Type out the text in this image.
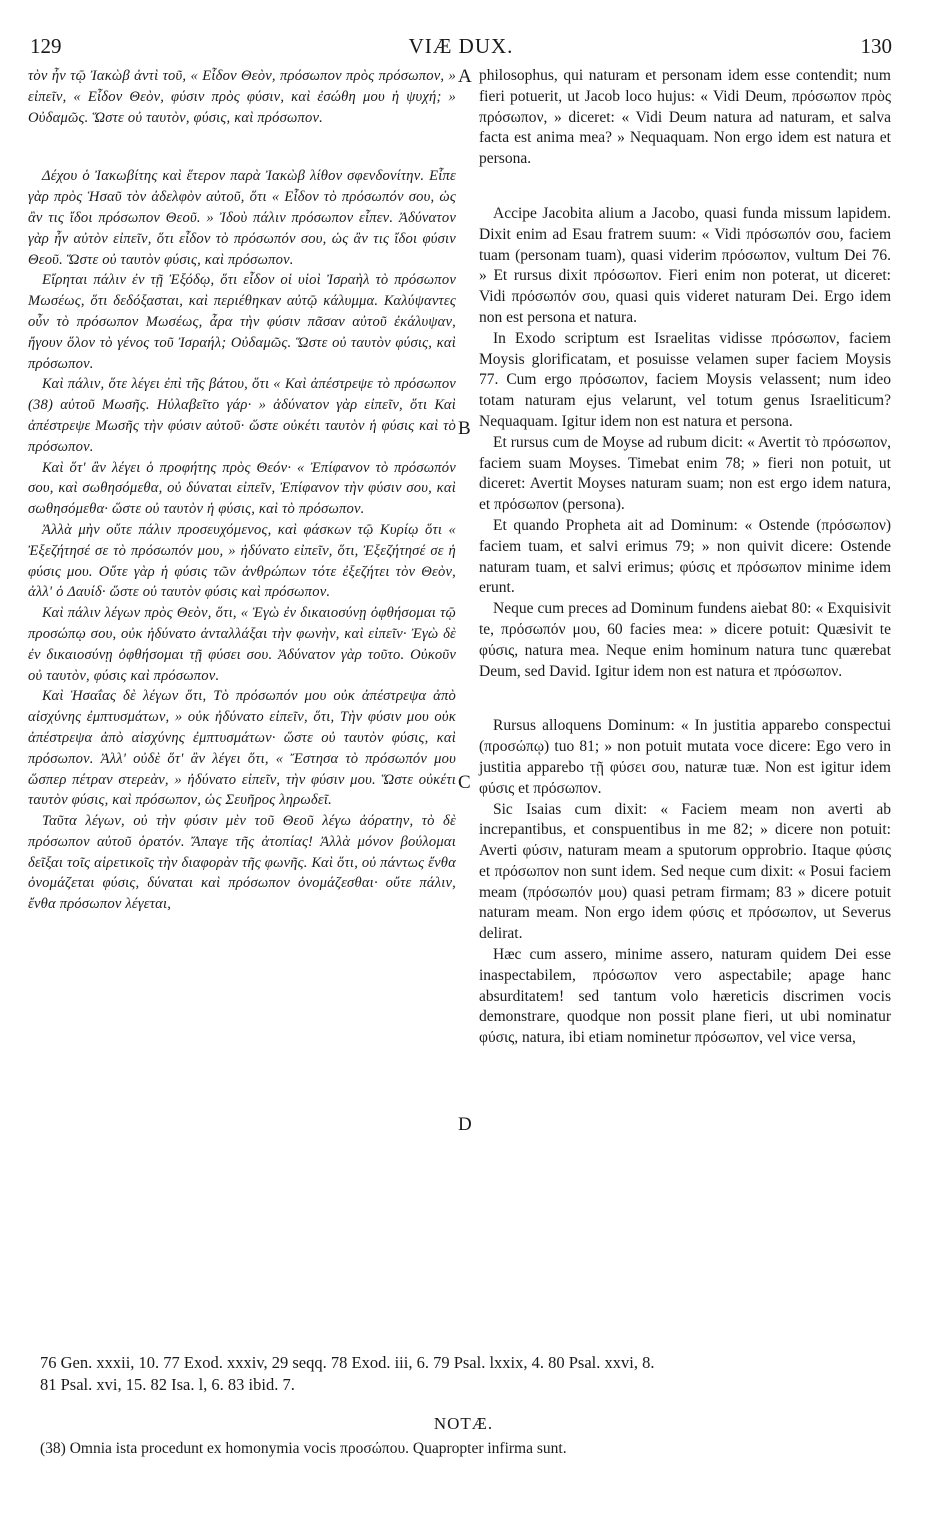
129	VIÆ DUX.	130

τὸν ἦν τῷ Ἰακὼβ ἀντὶ τοῦ, « Εἶδον Θεὸν, πρόσωπον πρὸς πρόσωπον, » εἰπεῖν, « Εἶδον Θεὸν, φύσιν πρὸς φύσιν, καὶ ἐσώθη μου ἡ ψυχή; » Οὐδαμῶς. Ὥστε οὐ ταυτὸν, φύσις, καὶ πρόσωπον.

Δέχου ὁ Ἰακωβίτης καὶ ἕτερον παρὰ Ἰακὼβ λίθον σφενδονίτην. Εἶπε γὰρ πρὸς Ἡσαῦ τὸν ἀδελφὸν αὐτοῦ, ὅτι « Εἶδον τὸ πρόσωπόν σου, ὡς ἂν τις ἴδοι πρόσωπον Θεοῦ. » Ἰδοὺ πάλιν πρόσωπον εἶπεν. Ἀδύνατον γὰρ ἦν αὐτὸν εἰπεῖν, ὅτι εἶδον τὸ πρόσωπόν σου, ὡς ἂν τις ἴδοι φύσιν Θεοῦ. Ὥστε οὐ ταυτὸν φύσις, καὶ πρόσωπον.

Εἴρηται πάλιν ἐν τῇ Ἐξόδῳ, ὅτι εἶδον οἱ υἱοὶ Ἰσραὴλ τὸ πρόσωπον Μωσέως, ὅτι δεδόξασται, καὶ περιέθηκαν αὐτῷ κάλυμμα. Καλύψαντες οὖν τὸ πρόσωπον Μωσέως, ἆρα τὴν φύσιν πᾶσαν αὐτοῦ ἐκάλυψαν, ἤγουν ὅλον τὸ γένος τοῦ Ἰσραήλ; Οὐδαμῶς. Ὥστε οὐ ταυτὸν φύσις, καὶ πρόσωπον.

Καὶ πάλιν, ὅτε λέγει ἐπὶ τῆς βάτου, ὅτι « Καὶ ἀπέστρεψε τὸ πρόσωπον (38) αὐτοῦ Μωσῆς. Ηὐλαβεῖτο γάρ· » ἀδύνατον γὰρ εἰπεῖν, ὅτι Καὶ ἀπέστρεψε Μωσῆς τὴν φύσιν αὐτοῦ· ὥστε οὐκέτι ταυτὸν ἡ φύσις καὶ τὸ πρόσωπον.

Καὶ ὅτ' ἂν λέγει ὁ προφήτης πρὸς Θεόν· « Ἐπίφανον τὸ πρόσωπόν σου, καὶ σωθησόμεθα, οὐ δύναται εἰπεῖν, Ἐπίφανον τὴν φύσιν σου, καὶ σωθησόμεθα· ὥστε οὐ ταυτὸν ἡ φύσις, καὶ τὸ πρόσωπον.

Ἀλλὰ μὴν οὔτε πάλιν προσευχόμενος, καὶ φάσκων τῷ Κυρίῳ ὅτι « Ἐξεζήτησέ σε τὸ πρόσωπόν μου, » ἠδύνατο εἰπεῖν, ὅτι, Ἐξεζήτησέ σε ἡ φύσις μου. Οὔτε γὰρ ἡ φύσις τῶν ἀνθρώπων τότε ἐξεζήτει τὸν Θεὸν, ἀλλ' ὁ Δαυίδ· ὥστε οὐ ταυτὸν φύσις καὶ πρόσωπον.

Καὶ πάλιν λέγων πρὸς Θεὸν, ὅτι, « Ἐγὼ ἐν δικαιοσύνῃ ὀφθήσομαι τῷ προσώπῳ σου, οὐκ ἠδύνατο ἀνταλλάξαι τὴν φωνὴν, καὶ εἰπεῖν· Ἐγὼ δὲ ἐν δικαιοσύνῃ ὀφθήσομαι τῇ φύσει σου. Ἀδύνατον γὰρ τοῦτο. Οὐκοῦν οὐ ταυτὸν, φύσις καὶ πρόσωπον.

Καὶ Ἡσαΐας δὲ λέγων ὅτι, Τὸ πρόσωπόν μου οὐκ ἀπέστρεψα ἀπὸ αἰσχύνης ἐμπτυσμάτων, » οὐκ ἠδύνατο εἰπεῖν, ὅτι, Τὴν φύσιν μου οὐκ ἀπέστρεψα ἀπὸ αἰσχύνης ἐμπτυσμάτων· ὥστε οὐ ταυτὸν φύσις, καὶ πρόσωπον. Ἀλλ' οὐδὲ ὅτ' ἂν λέγει ὅτι, « Ἔστησα τὸ πρόσωπόν μου ὥσπερ πέτραν στερεὰν, » ἠδύνατο εἰπεῖν, τὴν φύσιν μου. Ὥστε οὐκέτι ταυτὸν φύσις, καὶ πρόσωπον, ὡς Σευῆρος ληρωδεῖ.

Ταῦτα λέγων, οὐ τὴν φύσιν μὲν τοῦ Θεοῦ λέγω ἀόρατην, τὸ δὲ πρόσωπον αὐτοῦ ὁρατόν. Ἄπαγε τῆς ἀτοπίας! Ἀλλὰ μόνον βούλομαι δεῖξαι τοῖς αἱρετικοῖς τὴν διαφορὰν τῆς φωνῆς. Καὶ ὅτι, οὐ πάντως ἔνθα ὀνομάζεται φύσις, δύναται καὶ πρόσωπον ὀνομάζεσθαι· οὔτε πάλιν, ἔνθα πρόσωπον λέγεται,

A
B
C
D

philosophus, qui naturam et personam idem esse contendit; num fieri potuerit, ut Jacob loco hujus: « Vidi Deum, πρόσωπον πρὸς πρόσωπον, » diceret: « Vidi Deum natura ad naturam, et salva facta est anima mea? » Nequaquam. Non ergo idem est natura et persona.

Accipe Jacobita alium a Jacobo, quasi funda missum lapidem. Dixit enim ad Esau fratrem suum: « Vidi πρόσωπόν σου, faciem tuam (personam tuam), quasi viderim πρόσωπον, vultum Dei 76. » Et rursus dixit πρόσωπον. Fieri enim non poterat, ut diceret: Vidi πρόσωπόν σου, quasi quis videret naturam Dei. Ergo idem non est persona et natura.

In Exodo scriptum est Israelitas vidisse πρόσωπον, faciem Moysis glorificatam, et posuisse velamen super faciem Moysis 77. Cum ergo πρόσωπον, faciem Moysis velassent; num ideo totam naturam ejus velarunt, vel totum genus Israeliticum? Nequaquam. Igitur idem non est natura et persona.

Et rursus cum de Moyse ad rubum dicit: « Avertit τὸ πρόσωπον, faciem suam Moyses. Timebat enim 78; » fieri non potuit, ut diceret: Avertit Moyses naturam suam; non est ergo idem natura, et πρόσωπον (persona).

Et quando Propheta ait ad Dominum: « Ostende (πρόσωπον) faciem tuam, et salvi erimus 79; » non quivit dicere: Ostende naturam tuam, et salvi erimus; φύσις et πρόσωπον minime idem erunt.

Neque cum preces ad Dominum fundens aiebat 80: « Exquisivit te, πρόσωπόν μου, 60 facies mea: » dicere potuit: Quæsivit te φύσις, natura mea. Neque enim hominum natura tunc quærebat Deum, sed David. Igitur idem non est natura et πρόσωπον.

Rursus alloquens Dominum: « In justitia apparebo conspectui (προσώπῳ) tuo 81; » non potuit mutata voce dicere: Ego vero in justitia apparebo τῇ φύσει σου, naturæ tuæ. Non est igitur idem φύσις et πρόσωπον.

Sic Isaias cum dixit: « Faciem meam non averti ab increpantibus, et conspuentibus in me 82; » dicere non potuit: Averti φύσιν, naturam meam a sputorum opprobrio. Itaque φύσις et πρόσωπον non sunt idem. Sed neque cum dixit: « Posui faciem meam (πρόσωπόν μου) quasi petram firmam; 83 » dicere potuit naturam meam. Non ergo idem φύσις et πρόσωπον, ut Severus delirat.

Hæc cum assero, minime assero, naturam quidem Dei esse inaspectabilem, πρόσωπον vero aspectabile; apage hanc absurditatem! sed tantum volo hæreticis discrimen vocis demonstrare, quodque non possit plane fieri, ut ubi nominatur φύσις, natura, ibi etiam nominetur πρόσωπον, vel vice versa,

76 Gen. xxxii, 10. 77 Exod. xxxiv, 29 seqq. 78 Exod. iii, 6. 79 Psal. lxxix, 4. 80 Psal. xxvi, 8.
81 Psal. xvi, 15. 82 Isa. l, 6. 83 ibid. 7.
NOTÆ.
(38) Omnia ista procedunt ex homonymia vocis προσώπου. Quapropter infirma sunt.
